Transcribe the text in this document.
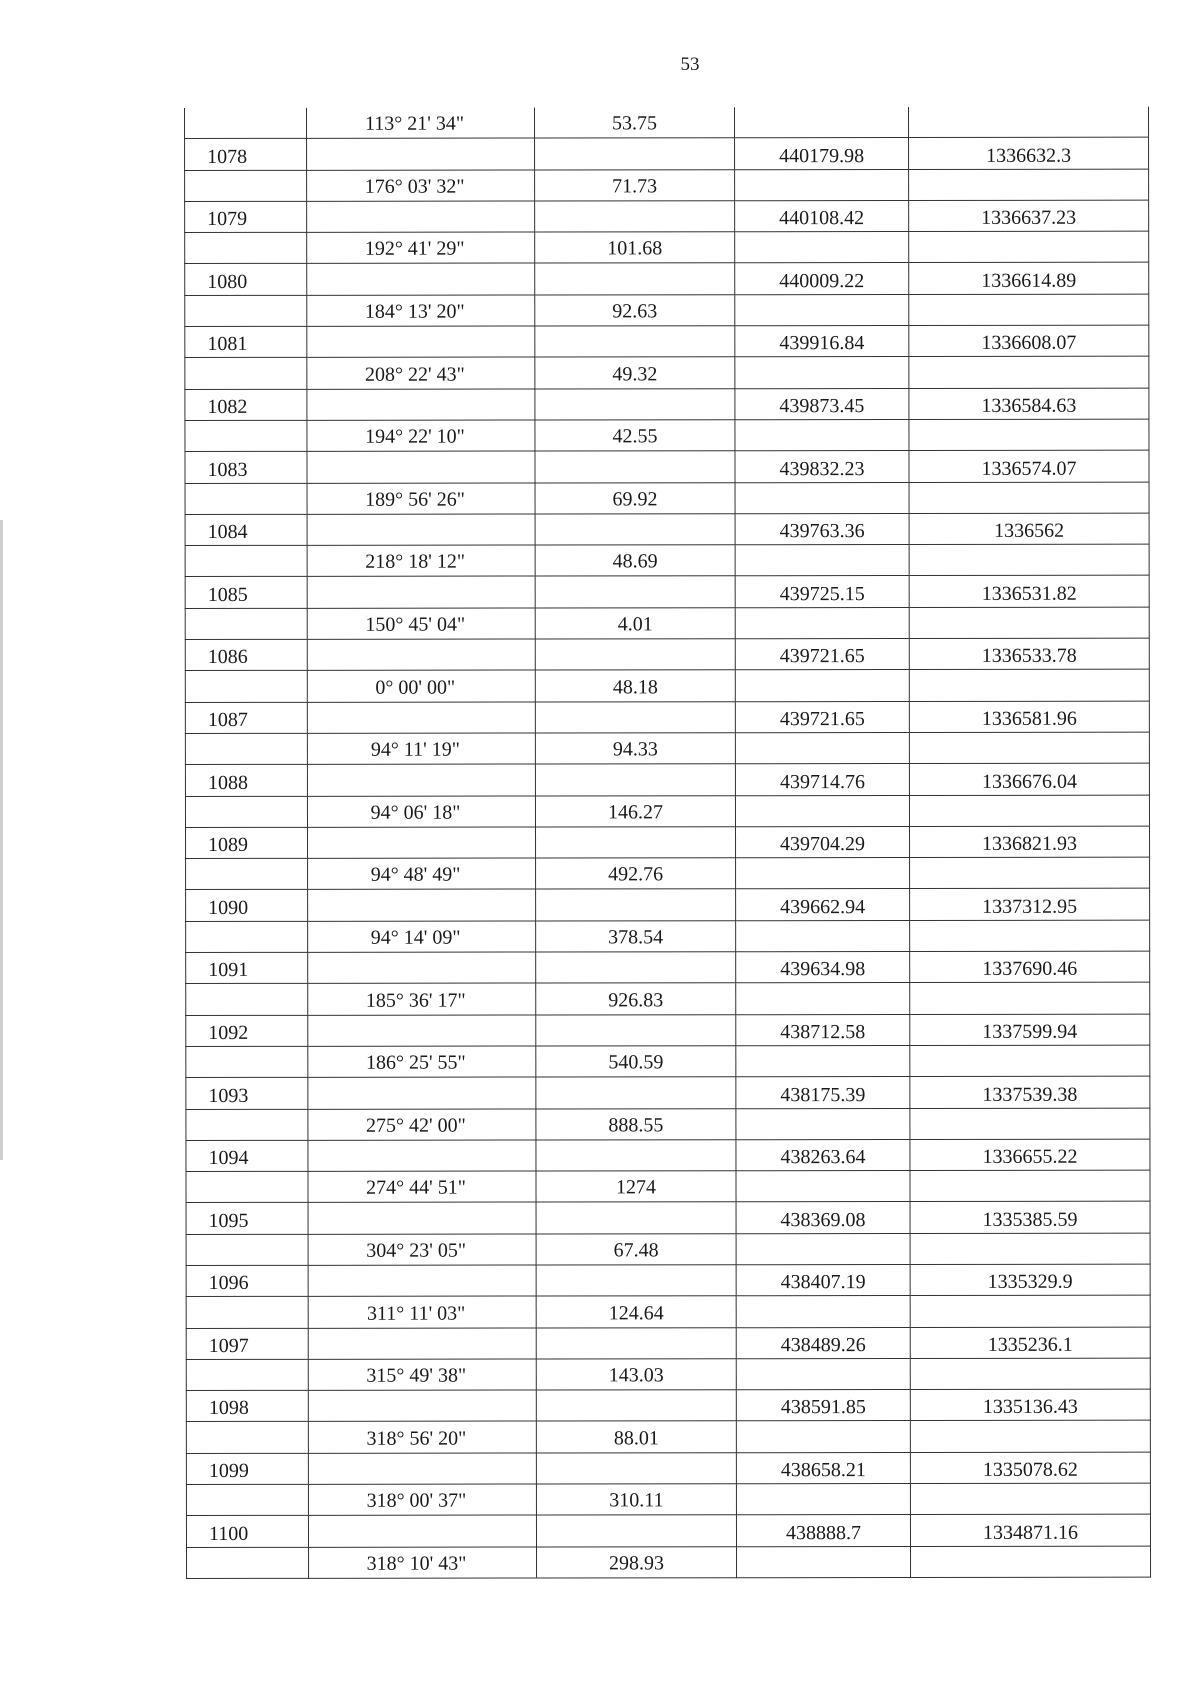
53
	113° 21' 34"	53.75		
1078			440179.98	1336632.3
	176° 03' 32"	71.73		
1079			440108.42	1336637.23
	192° 41' 29"	101.68		
1080			440009.22	1336614.89
	184° 13' 20"	92.63		
1081			439916.84	1336608.07
	208° 22' 43"	49.32		
1082			439873.45	1336584.63
	194° 22' 10"	42.55		
1083			439832.23	1336574.07
	189° 56' 26"	69.92		
1084			439763.36	1336562
	218° 18' 12"	48.69		
1085			439725.15	1336531.82
	150° 45' 04"	4.01		
1086			439721.65	1336533.78
	0° 00' 00"	48.18		
1087			439721.65	1336581.96
	94° 11' 19"	94.33		
1088			439714.76	1336676.04
	94° 06' 18"	146.27		
1089			439704.29	1336821.93
	94° 48' 49"	492.76		
1090			439662.94	1337312.95
	94° 14' 09"	378.54		
1091			439634.98	1337690.46
	185° 36' 17"	926.83		
1092			438712.58	1337599.94
	186° 25' 55"	540.59		
1093			438175.39	1337539.38
	275° 42' 00"	888.55		
1094			438263.64	1336655.22
	274° 44' 51"	1274		
1095			438369.08	1335385.59
	304° 23' 05"	67.48		
1096			438407.19	1335329.9
	311° 11' 03"	124.64		
1097			438489.26	1335236.1
	315° 49' 38"	143.03		
1098			438591.85	1335136.43
	318° 56' 20"	88.01		
1099			438658.21	1335078.62
	318° 00' 37"	310.11		
1100			438888.7	1334871.16
	318° 10' 43"	298.93		
